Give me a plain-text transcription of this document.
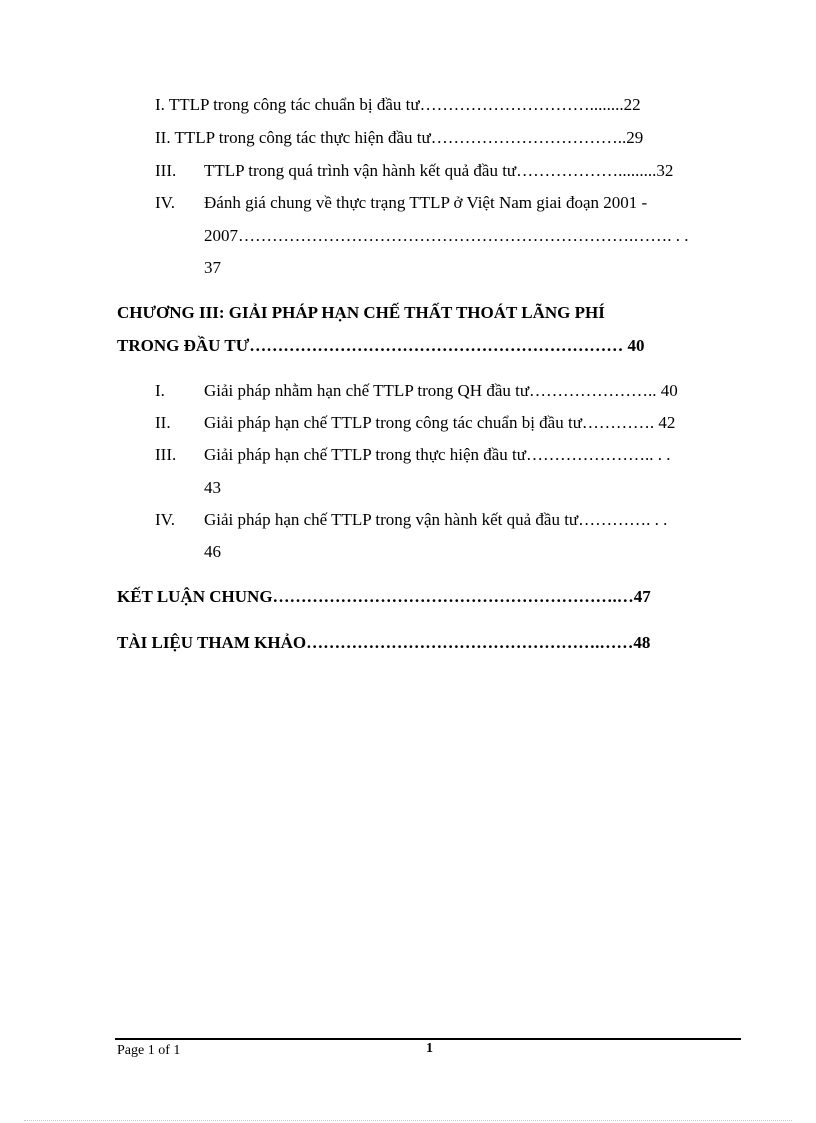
I. TTLP trong công tác chuẩn bị đầu tư…………………………........22
II. TTLP trong công tác thực hiện đầu tư……………………………..29
III. TTLP trong quá trình vận hành kết quả đầu tư……………….........32
IV. Đánh giá chung về thực trạng TTLP ở Việt Nam giai đoạn 2001 -
2007…………………………………………………………….……. . .
37
CHƯƠNG III: GIẢI PHÁP HẠN CHẾ THẤT THOÁT LÃNG PHÍ
TRONG ĐẦU TƯ………………………………………………………… 40
I. Giải pháp nhằm hạn chế TTLP trong QH đầu tư………………….. 40
II. Giải pháp hạn chế TTLP trong công tác chuẩn bị đầu tư…………. 42
III. Giải pháp hạn chế TTLP trong thực hiện đầu tư………………….. . .
43
IV. Giải pháp hạn chế TTLP trong vận hành kết quả đầu tư…………. . .
46
KẾT LUẬN CHUNG…………………………………………………….…47
TÀI LIỆU THAM KHẢO…………………………………………….……48
Page 1 of 1	1
